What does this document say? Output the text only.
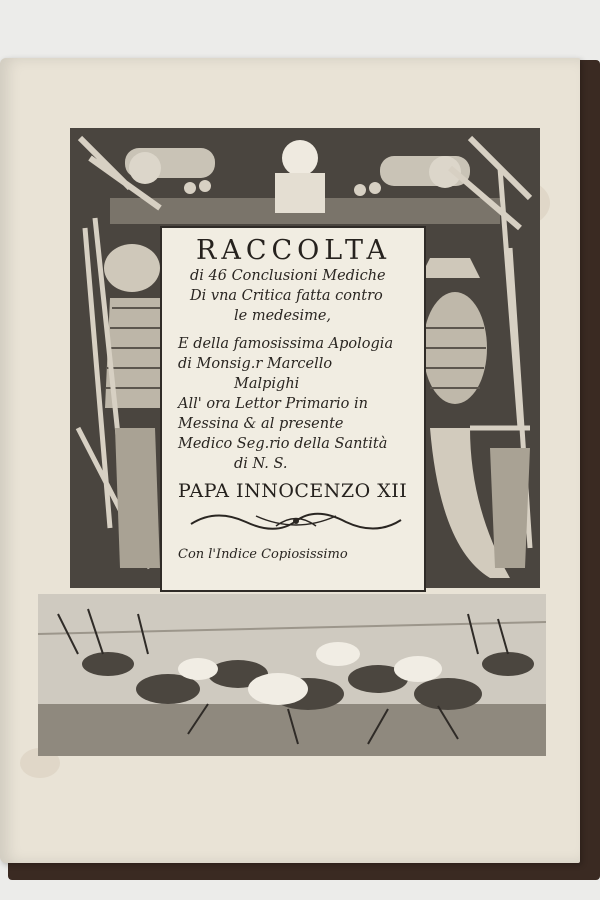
RACCOLTA
di 46 Conclusioni Mediche
Di vna Critica fatta contro
le medesime,
E della famosissima Apologia
di Monsig.r Marcello
Malpighi
All' ora Lettor Primario in
Messina & al presente
Medico Seg.rio della Santità
di N. S.
PAPA INNOCENZO XII
Con l'Indice Copiosissimo
